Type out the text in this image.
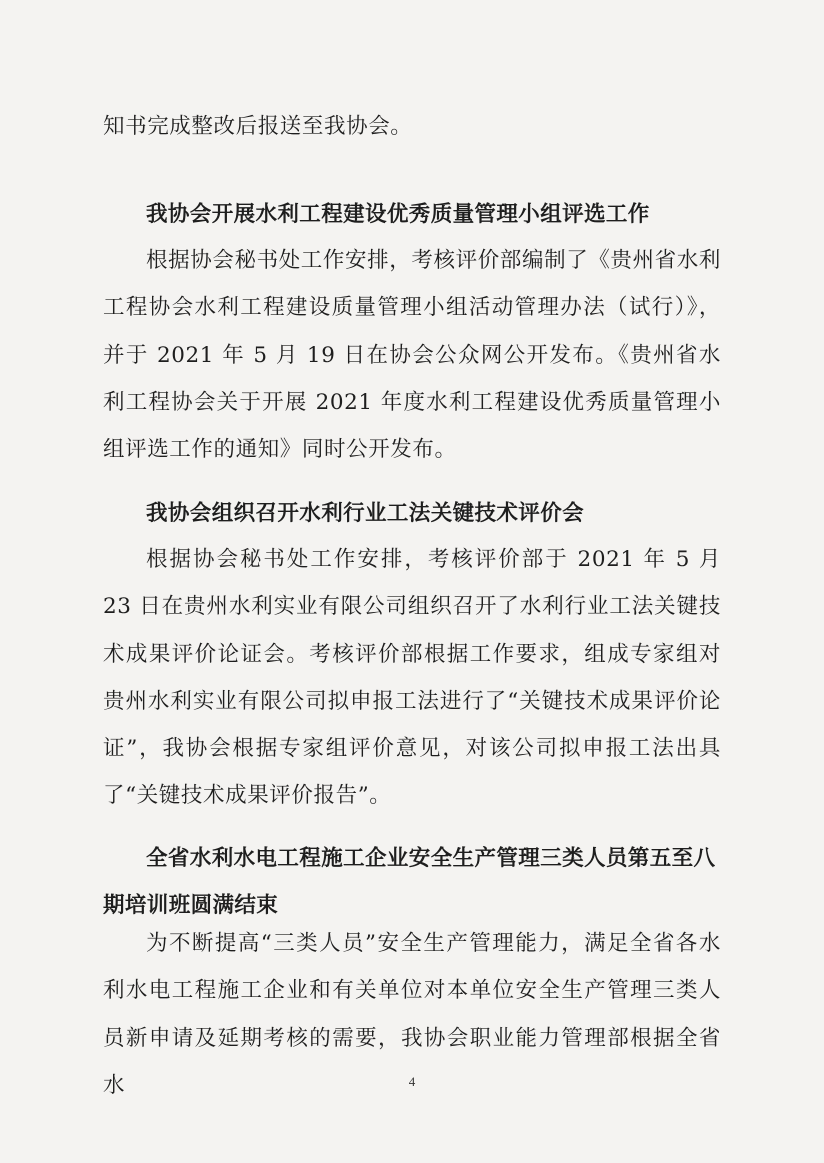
知书完成整改后报送至我协会。

我协会开展水利工程建设优秀质量管理小组评选工作

根据协会秘书处工作安排，考核评价部编制了《贵州省水利工程协会水利工程建设质量管理小组活动管理办法（试行）》，并于 2021 年 5 月 19 日在协会公众网公开发布。《贵州省水利工程协会关于开展 2021 年度水利工程建设优秀质量管理小组评选工作的通知》同时公开发布。

我协会组织召开水利行业工法关键技术评价会

根据协会秘书处工作安排，考核评价部于 2021 年 5 月 23 日在贵州水利实业有限公司组织召开了水利行业工法关键技术成果评价论证会。考核评价部根据工作要求，组成专家组对贵州水利实业有限公司拟申报工法进行了“关键技术成果评价论证”，我协会根据专家组评价意见，对该公司拟申报工法出具了“关键技术成果评价报告”。

全省水利水电工程施工企业安全生产管理三类人员第五至八期培训班圆满结束

为不断提高“三类人员”安全生产管理能力，满足全省各水利水电工程施工企业和有关单位对本单位安全生产管理三类人员新申请及延期考核的需要，我协会职业能力管理部根据全省水	4
